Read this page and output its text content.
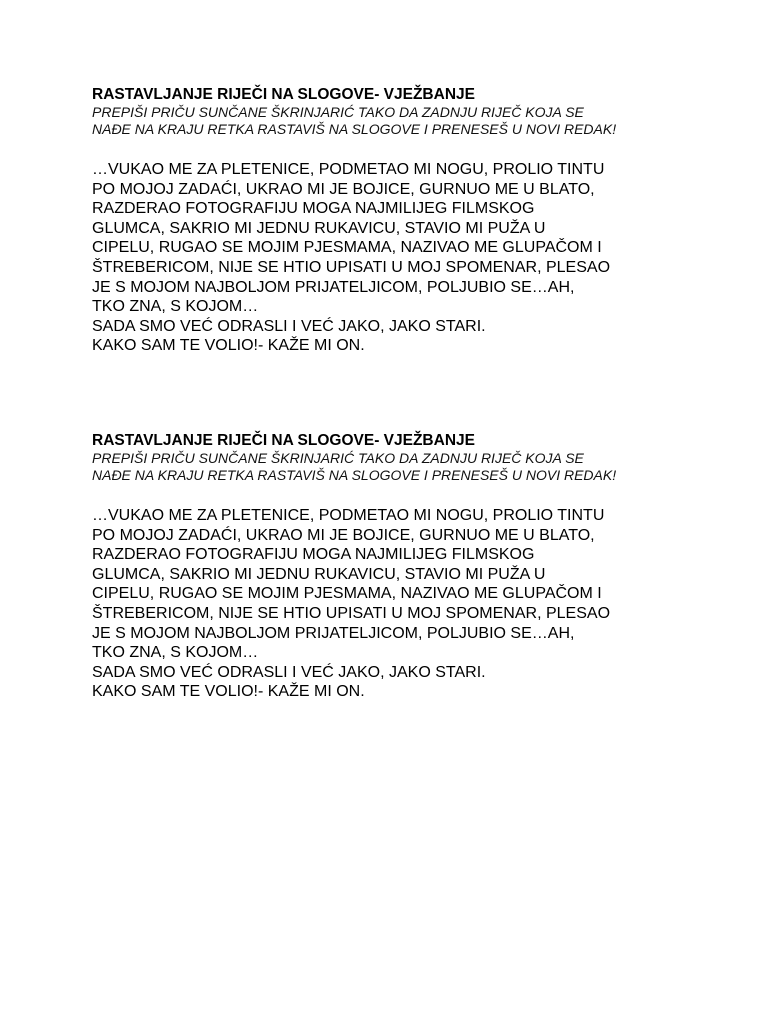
RASTAVLJANJE RIJEČI NA SLOGOVE- VJEŽBANJE

PREPIŠI PRIČU SUNČANE ŠKRINJARIĆ TAKO DA ZADNJU RIJEČ KOJA SE
NAĐE NA KRAJU RETKA RASTAVIŠ NA SLOGOVE I PRENESEŠ U NOVI REDAK!

…VUKAO ME ZA PLETENICE, PODMETAO MI NOGU, PROLIO TINTU
PO MOJOJ ZADAĆI, UKRAO MI JE BOJICE, GURNUO ME U BLATO,
RAZDERAO FOTOGRAFIJU MOGA NAJMILIJEG FILMSKOG
GLUMCA, SAKRIO MI JEDNU RUKAVICU, STAVIO MI PUŽA U
CIPELU, RUGAO SE MOJIM PJESMAMA, NAZIVAO ME GLUPAČOM I
ŠTREBERICOM, NIJE SE HTIO UPISATI U MOJ SPOMENAR, PLESAO
JE S MOJOM NAJBOLJOM PRIJATELJICOM, POLJUBIO SE…AH,
TKO ZNA, S KOJOM…
SADA SMO VEĆ ODRASLI I VEĆ JAKO, JAKO STARI.
KAKO SAM TE VOLIO!- KAŽE MI ON.
RASTAVLJANJE RIJEČI NA SLOGOVE- VJEŽBANJE

PREPIŠI PRIČU SUNČANE ŠKRINJARIĆ TAKO DA ZADNJU RIJEČ KOJA SE
NAĐE NA KRAJU RETKA RASTAVIŠ NA SLOGOVE I PRENESEŠ U NOVI REDAK!

…VUKAO ME ZA PLETENICE, PODMETAO MI NOGU, PROLIO TINTU
PO MOJOJ ZADAĆI, UKRAO MI JE BOJICE, GURNUO ME U BLATO,
RAZDERAO FOTOGRAFIJU MOGA NAJMILIJEG FILMSKOG
GLUMCA, SAKRIO MI JEDNU RUKAVICU, STAVIO MI PUŽA U
CIPELU, RUGAO SE MOJIM PJESMAMA, NAZIVAO ME GLUPAČOM I
ŠTREBERICOM, NIJE SE HTIO UPISATI U MOJ SPOMENAR, PLESAO
JE S MOJOM NAJBOLJOM PRIJATELJICOM, POLJUBIO SE…AH,
TKO ZNA, S KOJOM…
SADA SMO VEĆ ODRASLI I VEĆ JAKO, JAKO STARI.
KAKO SAM TE VOLIO!- KAŽE MI ON.
